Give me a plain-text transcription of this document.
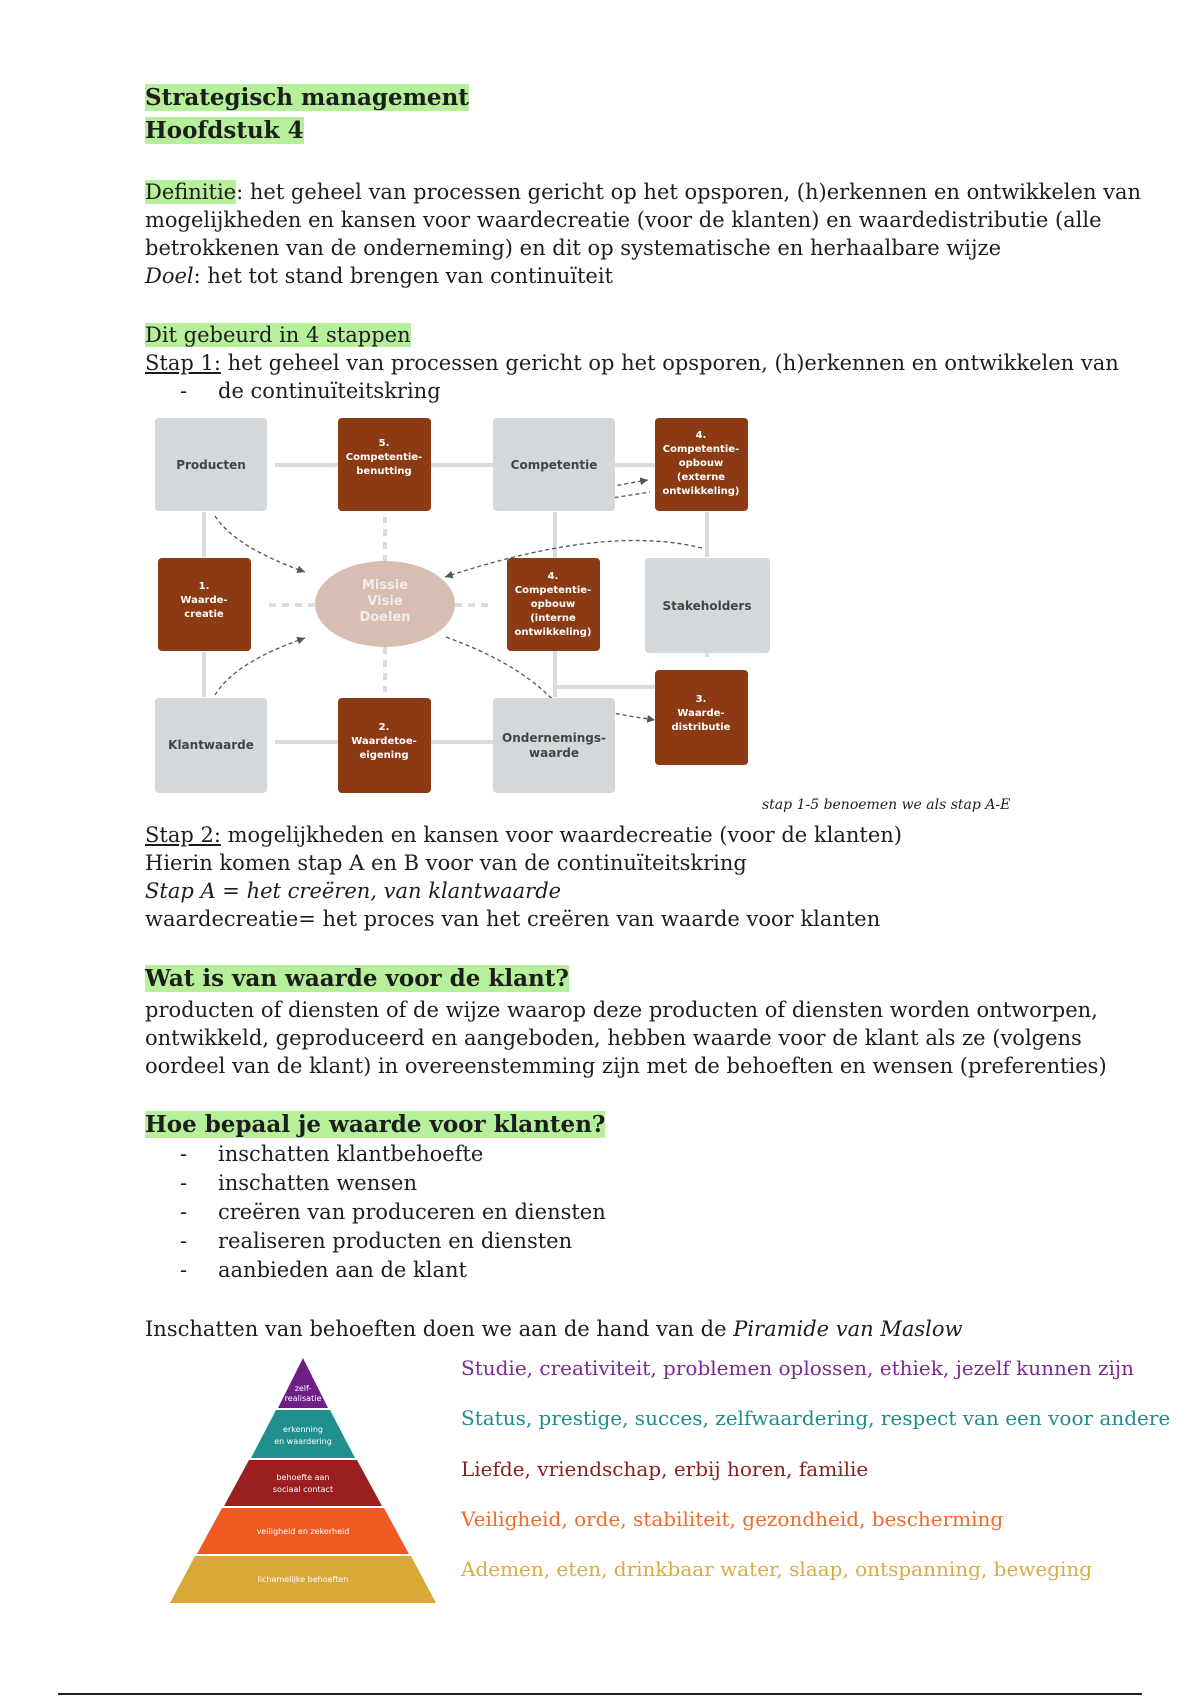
Strategisch management
Hoofdstuk 4
Definitie: het geheel van processen gericht op het opsporen, (h)erkennen en ontwikkelen van
mogelijkheden en kansen voor waardecreatie (voor de klanten) en waardedistributie (alle
betrokkenen van de onderneming) en dit op systematische en herhaalbare wijze
Doel: het tot stand brengen van continuïteit
Dit gebeurd in 4 stappen
Stap 1: het geheel van processen gericht op het opsporen, (h)erkennen en ontwikkelen van
- de continuïteitskring
Producten	Competentie
Stakeholders
Klantwaarde	Ondernemings-
waarde
Missie
Visie
Doelen
5.
Competentie-
benutting
4.
Competentie-
opbouw
(externe
ontwikkeling)
1.
Waarde-
creatie
4.
Competentie-
opbouw
(interne
ontwikkeling)
2.
Waardetoe-
eigening
3.
Waarde-
distributie
stap 1-5 benoemen we als stap A-E
Stap 2: mogelijkheden en kansen voor waardecreatie (voor de klanten)
Hierin komen stap A en B voor van de continuïteitskring
Stap A = het creëren, van klantwaarde
waardecreatie= het proces van het creëren van waarde voor klanten
Wat is van waarde voor de klant?
producten of diensten of de wijze waarop deze producten of diensten worden ontworpen,
ontwikkeld, geproduceerd en aangeboden, hebben waarde voor de klant als ze (volgens
oordeel van de klant) in overeenstemming zijn met de behoeften en wensen (preferenties)
Hoe bepaal je waarde voor klanten?
- inschatten klantbehoefte
- inschatten wensen
- creëren van produceren en diensten
- realiseren producten en diensten
- aanbieden aan de klant
Inschatten van behoeften doen we aan de hand van de Piramide van Maslow
zelf-
realisatie
erkenning
en waardering
behoefte aan
sociaal contact
veiligheid en zekerheid
lichamelijke behoeften
Studie, creativiteit, problemen oplossen, ethiek, jezelf kunnen zijn
Status, prestige, succes, zelfwaardering, respect van een voor andere
Liefde, vriendschap, erbij horen, familie
Veiligheid, orde, stabiliteit, gezondheid, bescherming
Ademen, eten, drinkbaar water, slaap, ontspanning, beweging
